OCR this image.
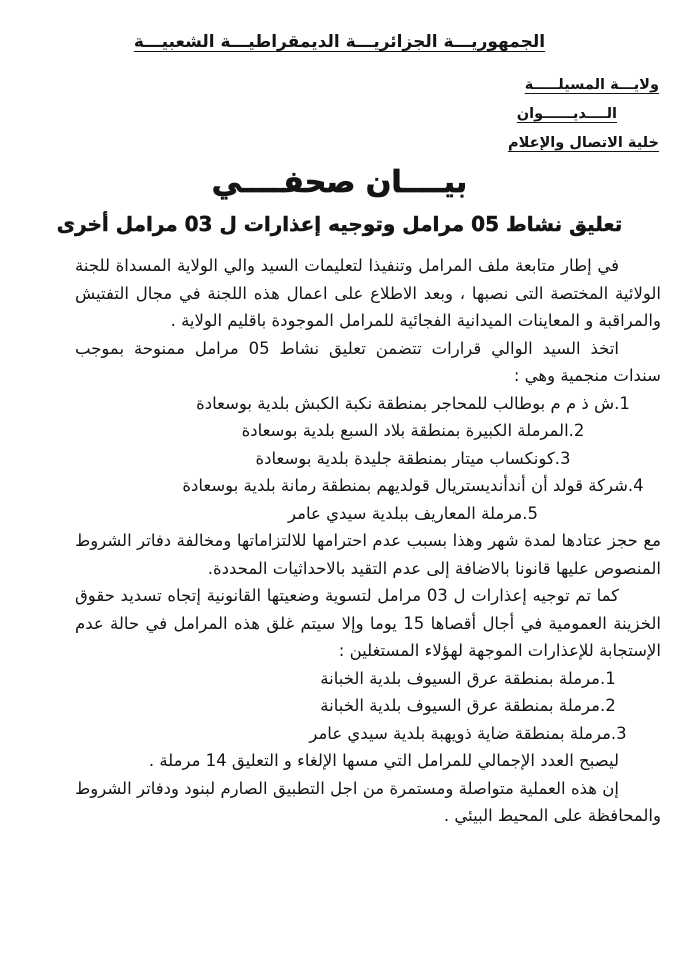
الجمهوريـــة الجزائريـــة الديمقراطيـــة الشعبيـــة
ولايـــة المسيلـــــة
الــــديــــــوان
خلية الاتصال والإعلام
بيــــان صحفــــي
تعليق نشاط 05 مرامل وتوجيه إعذارات ل 03 مرامل أخرى

في إطار متابعة ملف المرامل وتنفيذا لتعليمات السيد والي الولاية المسداة للجنة الولائية المختصة التى نصبها ، وبعد الاطلاع على اعمال هذه اللجنة في مجال التفتيش والمراقبة و المعاينات الميدانية الفجائية للمرامل الموجودة باقليم الولاية .

اتخذ السيد الوالي قرارات تتضمن تعليق نشاط 05 مرامل ممنوحة بموجب سندات منجمية وهي :

1.ش ذ م م بوطالب للمحاجر بمنطقة نكبة الكبش بلدية بوسعادة
2.المرملة الكبيرة بمنطقة بلاد السبع بلدية بوسعادة
3.كونكساب ميتار بمنطقة جليدة بلدية بوسعادة
4.شركة قولد أن أندأنديستريال قولديهم بمنطقة رمانة بلدية بوسعادة
5.مرملة المعاريف ببلدية سيدي عامر

مع حجز عتادها لمدة شهر وهذا بسبب عدم احترامها للالتزاماتها ومخالفة دفاتر الشروط المنصوص عليها قانونا بالاضافة إلى عدم التقيد بالاحداثيات المحددة.

كما تم توجيه إعذارات ل 03 مرامل لتسوية وضعيتها القانونية إتجاه تسديد حقوق الخزينة العمومية في أجال أقصاها 15 يوما وإلا سيتم غلق هذه المرامل في حالة عدم الإستجابة للإعذارات الموجهة لهؤلاء المستغلين :

1.مرملة بمنطقة عرق السيوف بلدية الخبانة
2.مرملة بمنطقة عرق السيوف بلدية الخبانة
3.مرملة بمنطقة ضاية ذويهبة بلدية سيدي عامر

ليصبح العدد الإجمالي للمرامل التي مسها الإلغاء و التعليق 14 مرملة .

إن هذه العملية متواصلة ومستمرة من اجل التطبيق الصارم لبنود ودفاتر الشروط والمحافظة على المحيط البيئي .
